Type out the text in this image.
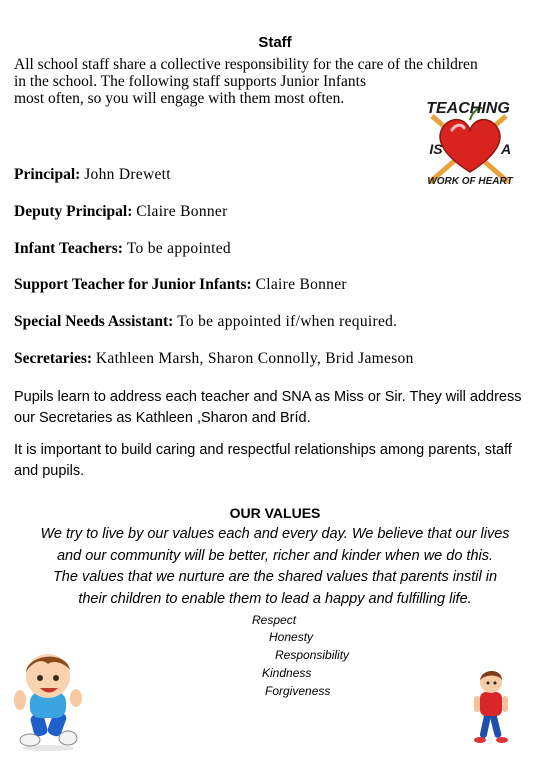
Staff
All school staff share a collective responsibility for the care of the children
in the school. The following staff supports Junior Infants
most often, so you will engage with them most often.
TEACHING
IS	A
WORK OF HEART
Principal: John Drewett
Deputy Principal: Claire Bonner
Infant Teachers: To be appointed
Support Teacher for Junior Infants: Claire Bonner
Special Needs Assistant: To be appointed if/when required.
Secretaries: Kathleen Marsh, Sharon Connolly, Brid Jameson
Pupils learn to address each teacher and SNA as Miss or Sir. They will address our Secretaries as Kathleen ,Sharon and Bríd.
It is important to build caring and respectful relationships among parents, staff and pupils.
OUR VALUES
We try to live by our values each and every day. We believe that our lives
and our community will be better, richer and kinder when we do this.
The values that we nurture are the shared values that parents instil in
their children to enable them to lead a happy and fulfilling life.
Respect
Honesty
Responsibility
Kindness
Forgiveness
